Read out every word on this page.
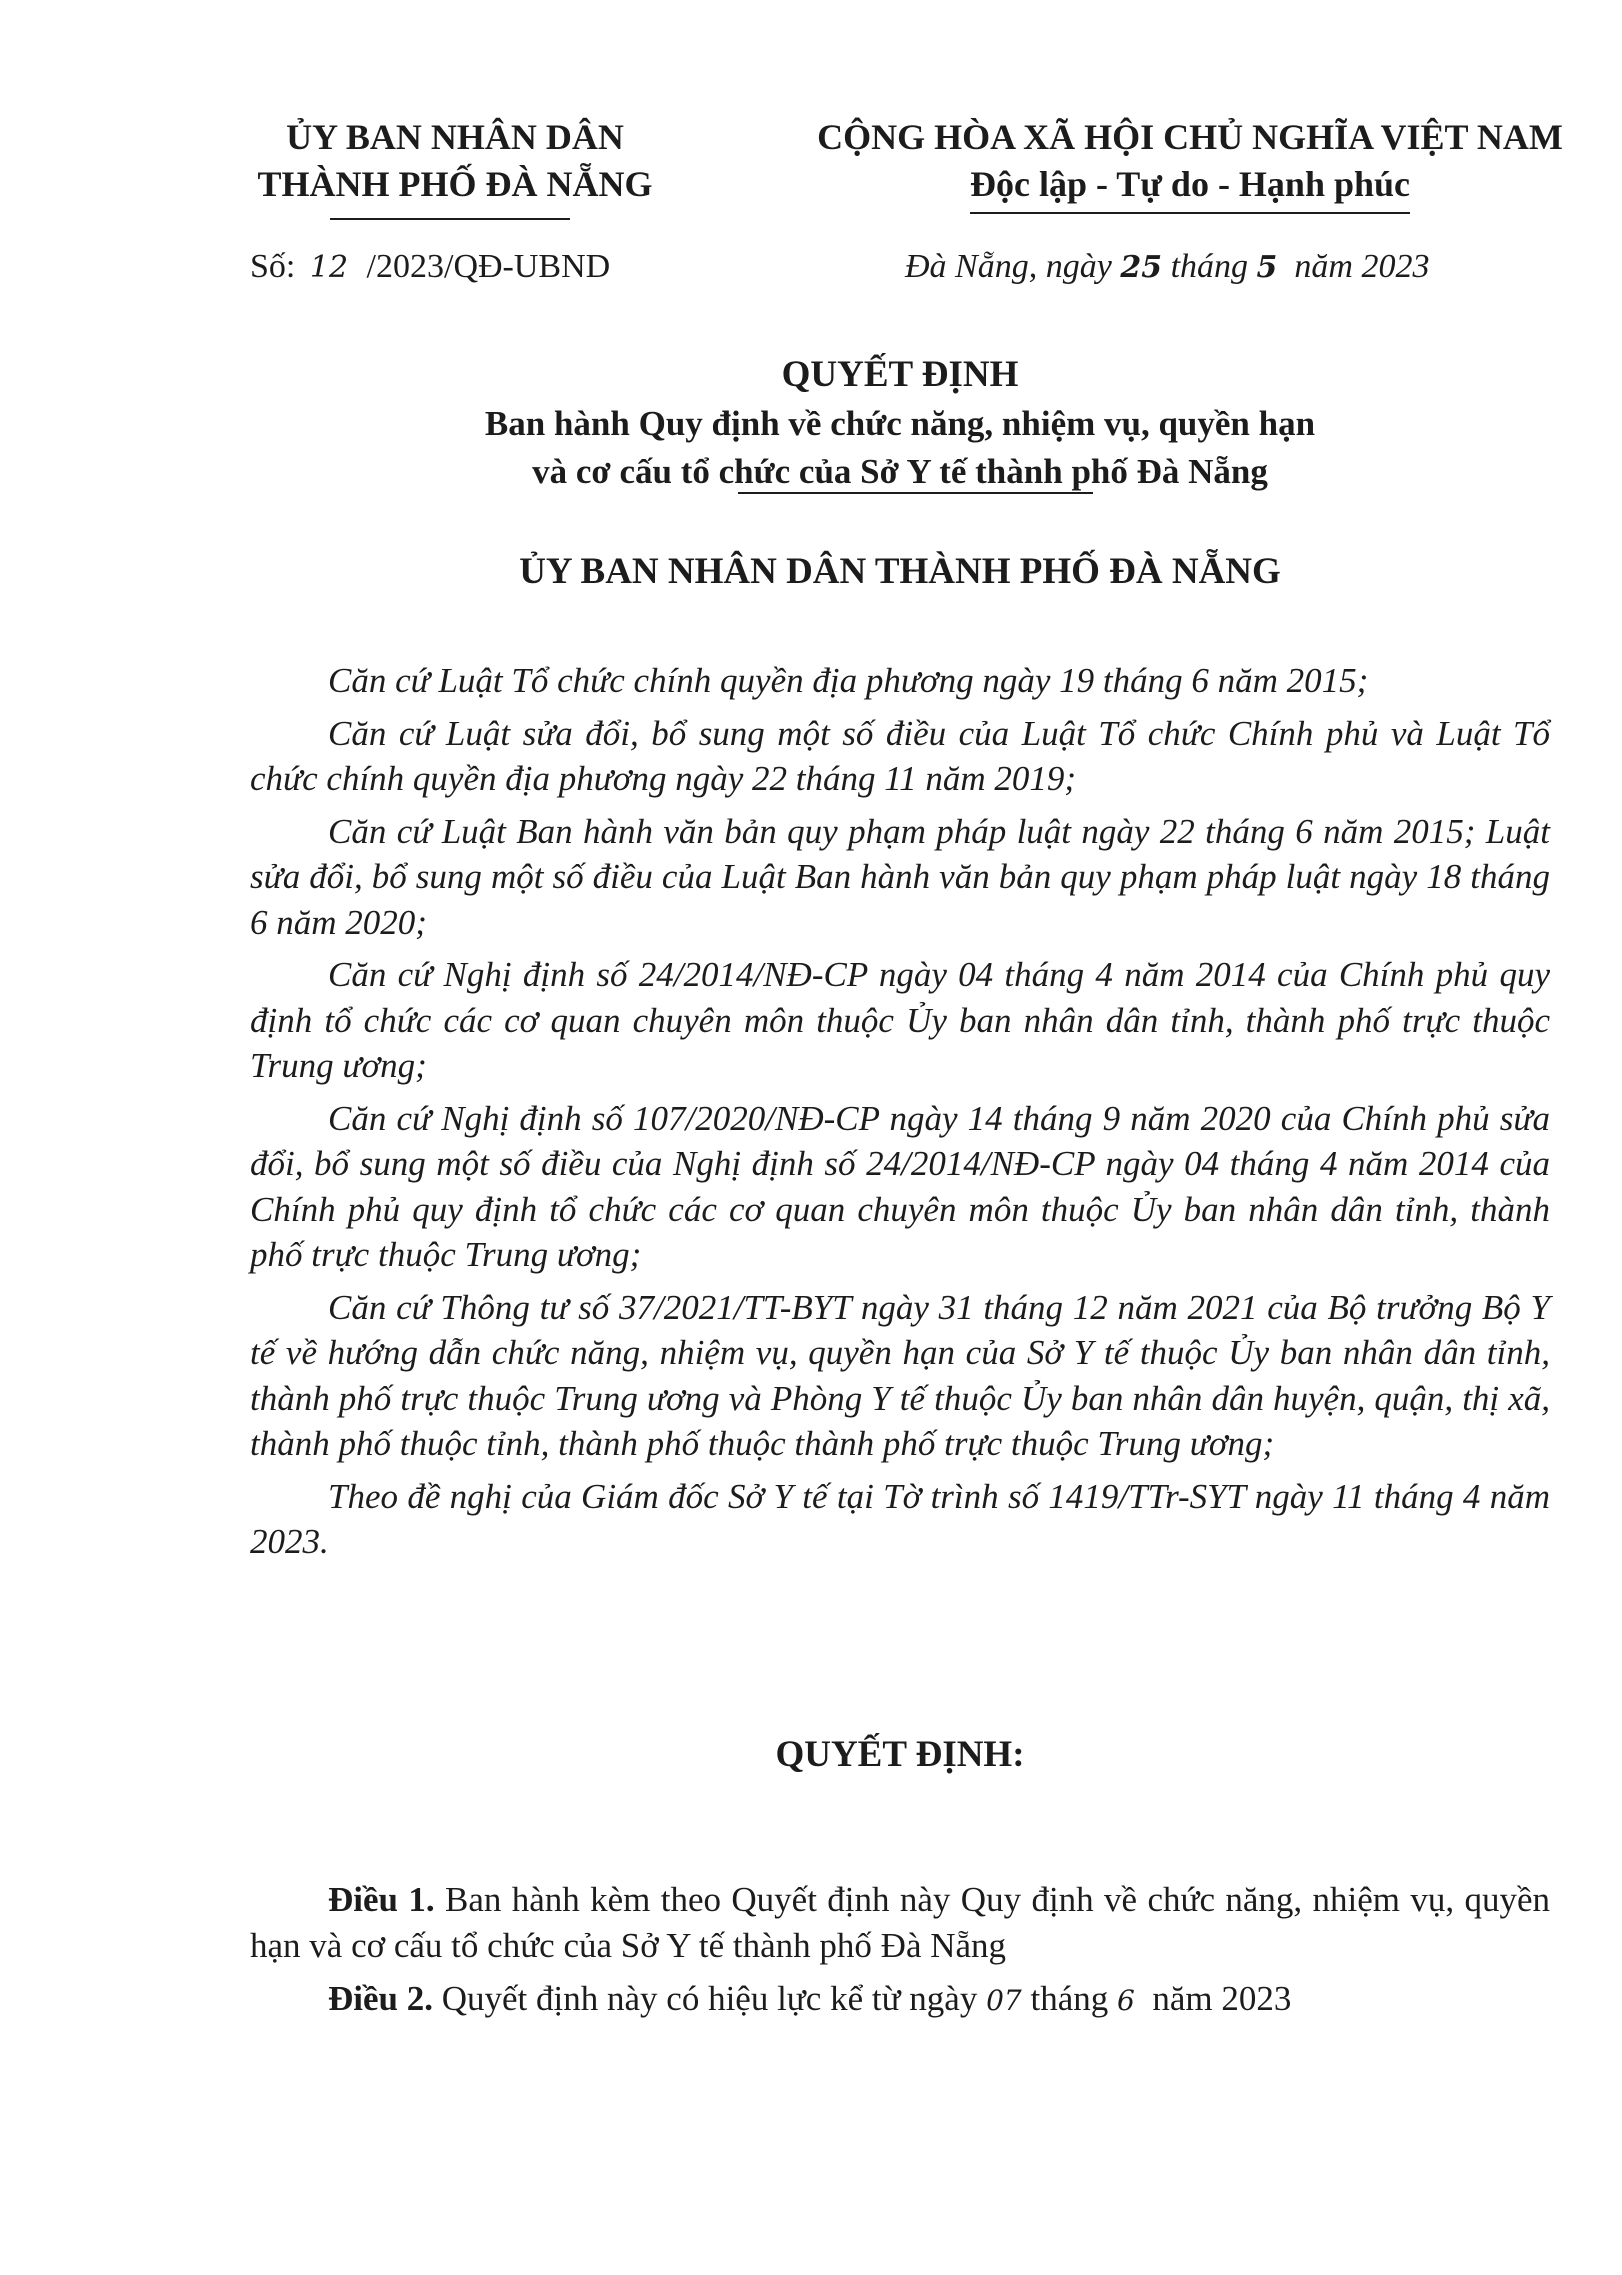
ỦY BAN NHÂN DÂN
THÀNH PHỐ ĐÀ NẴNG
CỘNG HÒA XÃ HỘI CHỦ NGHĨA VIỆT NAM
Độc lập - Tự do - Hạnh phúc
Số: 12 /2023/QĐ-UBND	Đà Nẵng, ngày 25 tháng 5 năm 2023
QUYẾT ĐỊNH
Ban hành Quy định về chức năng, nhiệm vụ, quyền hạn
và cơ cấu tổ chức của Sở Y tế thành phố Đà Nẵng
ỦY BAN NHÂN DÂN THÀNH PHỐ ĐÀ NẴNG

Căn cứ Luật Tổ chức chính quyền địa phương ngày 19 tháng 6 năm 2015;

Căn cứ Luật sửa đổi, bổ sung một số điều của Luật Tổ chức Chính phủ và Luật Tổ chức chính quyền địa phương ngày 22 tháng 11 năm 2019;

Căn cứ Luật Ban hành văn bản quy phạm pháp luật ngày 22 tháng 6 năm 2015; Luật sửa đổi, bổ sung một số điều của Luật Ban hành văn bản quy phạm pháp luật ngày 18 tháng 6 năm 2020;

Căn cứ Nghị định số 24/2014/NĐ-CP ngày 04 tháng 4 năm 2014 của Chính phủ quy định tổ chức các cơ quan chuyên môn thuộc Ủy ban nhân dân tỉnh, thành phố trực thuộc Trung ương;

Căn cứ Nghị định số 107/2020/NĐ-CP ngày 14 tháng 9 năm 2020 của Chính phủ sửa đổi, bổ sung một số điều của Nghị định số 24/2014/NĐ-CP ngày 04 tháng 4 năm 2014 của Chính phủ quy định tổ chức các cơ quan chuyên môn thuộc Ủy ban nhân dân tỉnh, thành phố trực thuộc Trung ương;

Căn cứ Thông tư số 37/2021/TT-BYT ngày 31 tháng 12 năm 2021 của Bộ trưởng Bộ Y tế về hướng dẫn chức năng, nhiệm vụ, quyền hạn của Sở Y tế thuộc Ủy ban nhân dân tỉnh, thành phố trực thuộc Trung ương và Phòng Y tế thuộc Ủy ban nhân dân huyện, quận, thị xã, thành phố thuộc tỉnh, thành phố thuộc thành phố trực thuộc Trung ương;

Theo đề nghị của Giám đốc Sở Y tế tại Tờ trình số 1419/TTr-SYT ngày 11 tháng 4 năm 2023.

QUYẾT ĐỊNH:

Điều 1. Ban hành kèm theo Quyết định này Quy định về chức năng, nhiệm vụ, quyền hạn và cơ cấu tổ chức của Sở Y tế thành phố Đà Nẵng

Điều 2. Quyết định này có hiệu lực kể từ ngày 07 tháng 6 năm 2023
